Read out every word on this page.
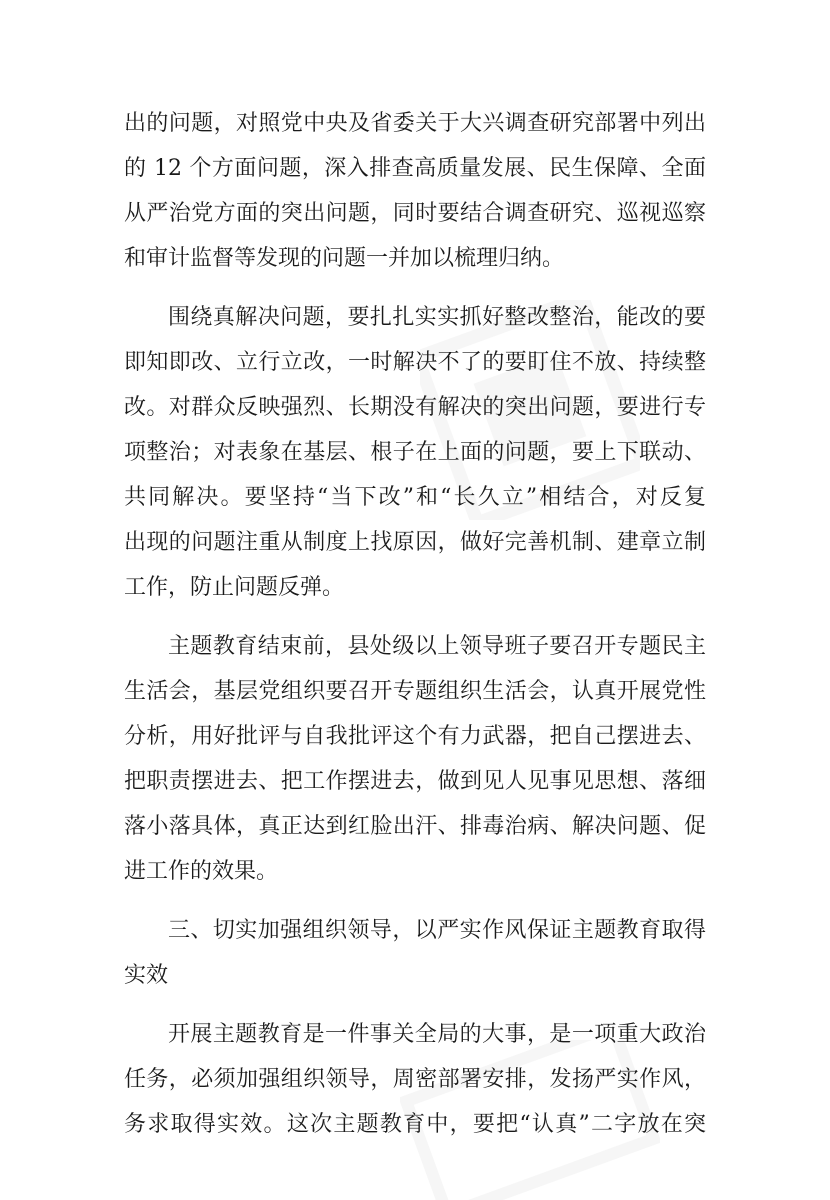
出的问题，对照党中央及省委关于大兴调查研究部署中列出
的 12 个方面问题，深入排查高质量发展、民生保障、全面
从严治党方面的突出问题，同时要结合调查研究、巡视巡察
和审计监督等发现的问题一并加以梳理归纳。
围绕真解决问题，要扎扎实实抓好整改整治，能改的要
即知即改、立行立改，一时解决不了的要盯住不放、持续整
改。对群众反映强烈、长期没有解决的突出问题，要进行专
项整治；对表象在基层、根子在上面的问题，要上下联动、
共同解决。要坚持“当下改”和“长久立”相结合，对反复
出现的问题注重从制度上找原因，做好完善机制、建章立制
工作，防止问题反弹。
主题教育结束前，县处级以上领导班子要召开专题民主
生活会，基层党组织要召开专题组织生活会，认真开展党性
分析，用好批评与自我批评这个有力武器，把自己摆进去、
把职责摆进去、把工作摆进去，做到见人见事见思想、落细
落小落具体，真正达到红脸出汗、排毒治病、解决问题、促
进工作的效果。
三、切实加强组织领导，以严实作风保证主题教育取得
实效
开展主题教育是一件事关全局的大事，是一项重大政治
任务，必须加强组织领导，周密部署安排，发扬严实作风，
务求取得实效。这次主题教育中，要把“认真”二字放在突
